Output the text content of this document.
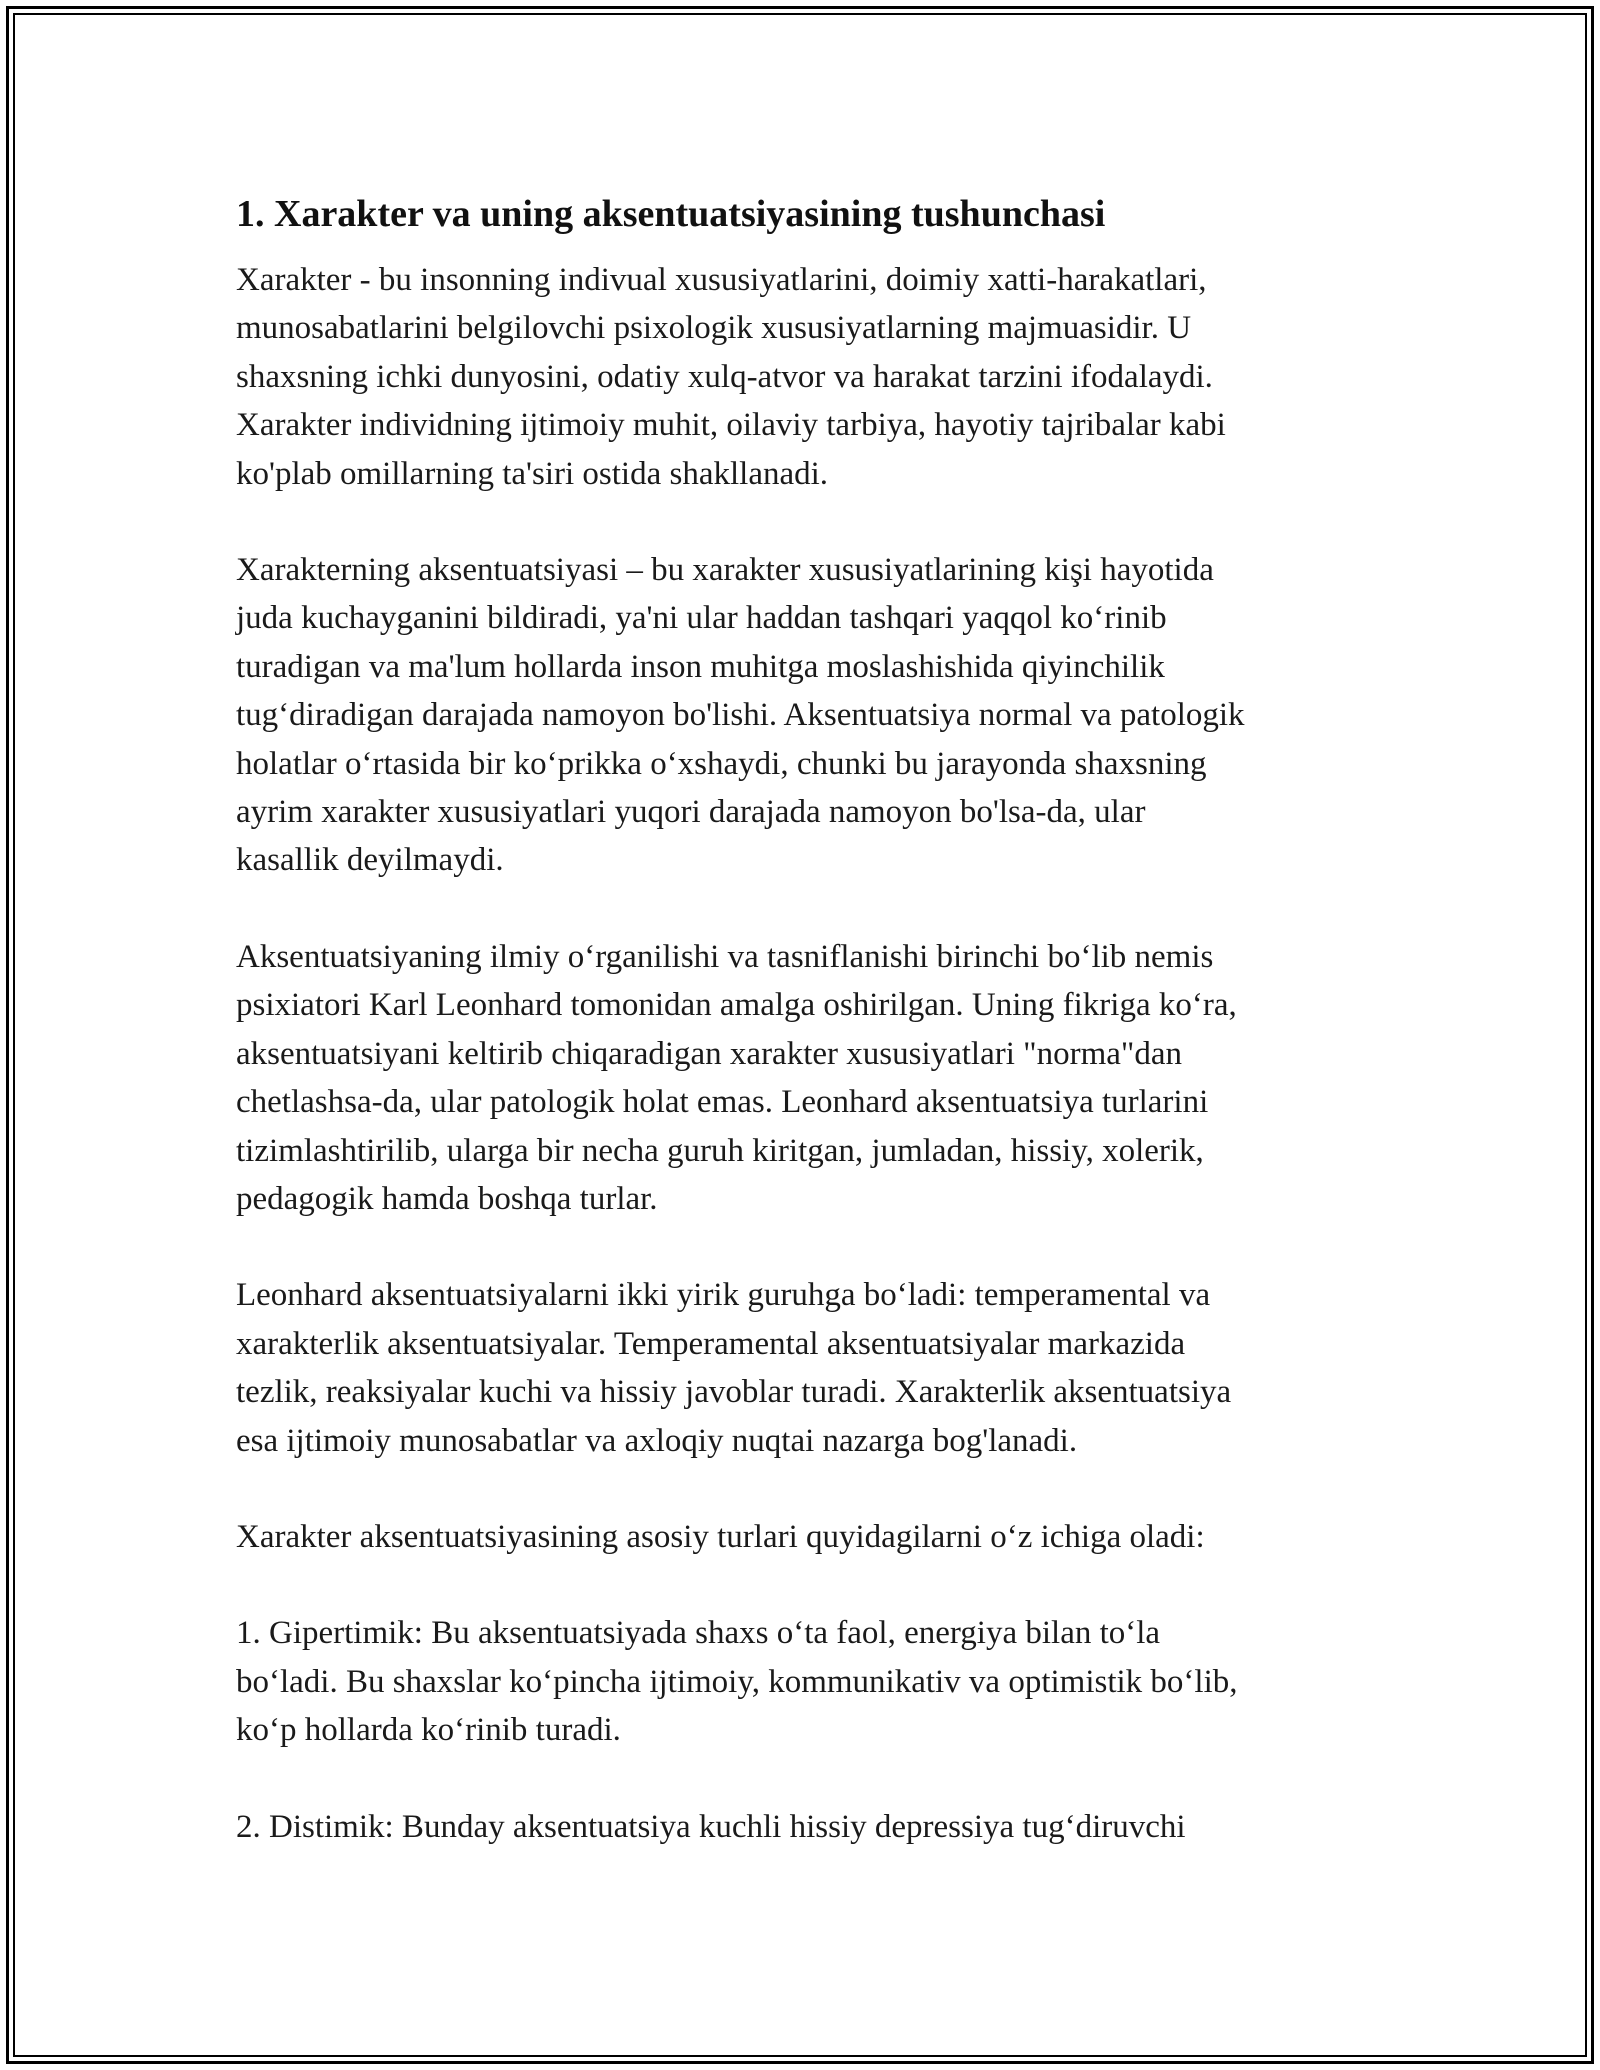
1. Xarakter va uning aksentuatsiyasining tushunchasi

Xarakter - bu insonning indivual xususiyatlarini, doimiy xatti-harakatlari,
munosabatlarini belgilovchi psixologik xususiyatlarning majmuasidir. U
shaxsning ichki dunyosini, odatiy xulq-atvor va harakat tarzini ifodalaydi.
Xarakter individning ijtimoiy muhit, oilaviy tarbiya, hayotiy tajribalar kabi
ko'plab omillarning ta'siri ostida shakllanadi.

Xarakterning aksentuatsiyasi – bu xarakter xususiyatlarining kişi hayotida
juda kuchayganini bildiradi, ya'ni ular haddan tashqari yaqqol ko‘rinib
turadigan va ma'lum hollarda inson muhitga moslashishida qiyinchilik
tug‘diradigan darajada namoyon bo'lishi. Aksentuatsiya normal va patologik
holatlar o‘rtasida bir ko‘prikka o‘xshaydi, chunki bu jarayonda shaxsning
ayrim xarakter xususiyatlari yuqori darajada namoyon bo'lsa-da, ular
kasallik deyilmaydi.

Aksentuatsiyaning ilmiy o‘rganilishi va tasniflanishi birinchi bo‘lib nemis
psixiatori Karl Leonhard tomonidan amalga oshirilgan. Uning fikriga ko‘ra,
aksentuatsiyani keltirib chiqaradigan xarakter xususiyatlari "norma"dan
chetlashsa-da, ular patologik holat emas. Leonhard aksentuatsiya turlarini
tizimlashtirilib, ularga bir necha guruh kiritgan, jumladan, hissiy, xolerik,
pedagogik hamda boshqa turlar.

Leonhard aksentuatsiyalarni ikki yirik guruhga bo‘ladi: temperamental va
xarakterlik aksentuatsiyalar. Temperamental aksentuatsiyalar markazida
tezlik, reaksiyalar kuchi va hissiy javoblar turadi. Xarakterlik aksentuatsiya
esa ijtimoiy munosabatlar va axloqiy nuqtai nazarga bog'lanadi.

Xarakter aksentuatsiyasining asosiy turlari quyidagilarni o‘z ichiga oladi:

1. Gipertimik: Bu aksentuatsiyada shaxs o‘ta faol, energiya bilan to‘la
bo‘ladi. Bu shaxslar ko‘pincha ijtimoiy, kommunikativ va optimistik bo‘lib,
ko‘p hollarda ko‘rinib turadi.

2. Distimik: Bunday aksentuatsiya kuchli hissiy depressiya tug‘diruvchi
